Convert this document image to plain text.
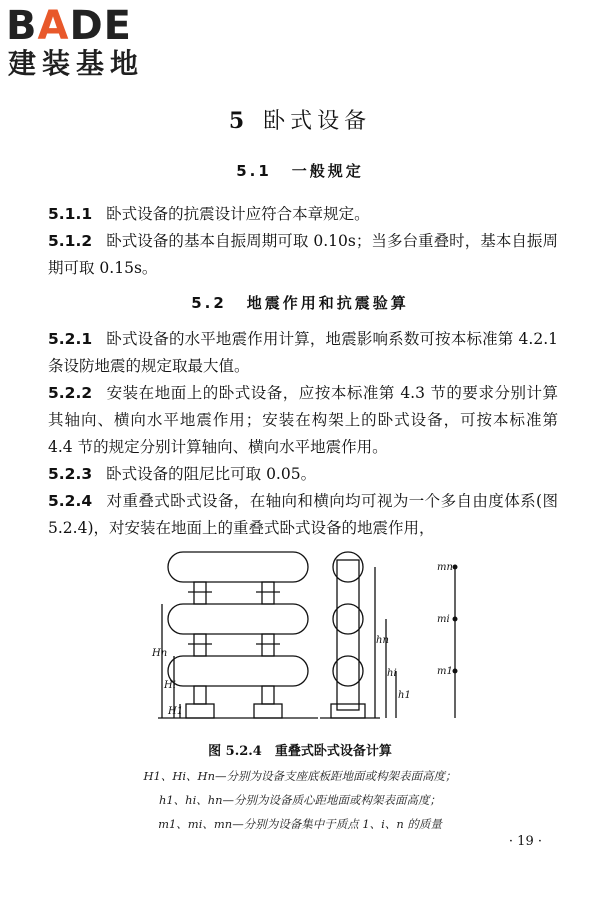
BADE
建装基地
5 卧式设备
5.1 一般规定
5.1.1 卧式设备的抗震设计应符合本章规定。
5.1.2 卧式设备的基本自振周期可取 0.10s；当多台重叠时，基本自振周期可取 0.15s。
5.2 地震作用和抗震验算
5.2.1 卧式设备的水平地震作用计算，地震影响系数可按本标准第 4.2.1 条设防地震的规定取最大值。
5.2.2 安装在地面上的卧式设备，应按本标准第 4.3 节的要求分别计算其轴向、横向水平地震作用；安装在构架上的卧式设备，可按本标准第 4.4 节的规定分别计算轴向、横向水平地震作用。
5.2.3 卧式设备的阻尼比可取 0.05。
5.2.4 对重叠式卧式设备，在轴向和横向均可视为一个多自由度体系(图 5.2.4)，对安装在地面上的重叠式卧式设备的地震作用，
Hn
Hi
H1
hn
hi
h1
mn
mi
m1
图 5.2.4　重叠式卧式设备计算
H1、Hi、Hn—分别为设备支座底板距地面或构架表面高度；
h1、hi、hn—分别为设备质心距地面或构架表面高度；
m1、mi、mn—分别为设备集中于质点 1、i、n 的质量
· 19 ·
